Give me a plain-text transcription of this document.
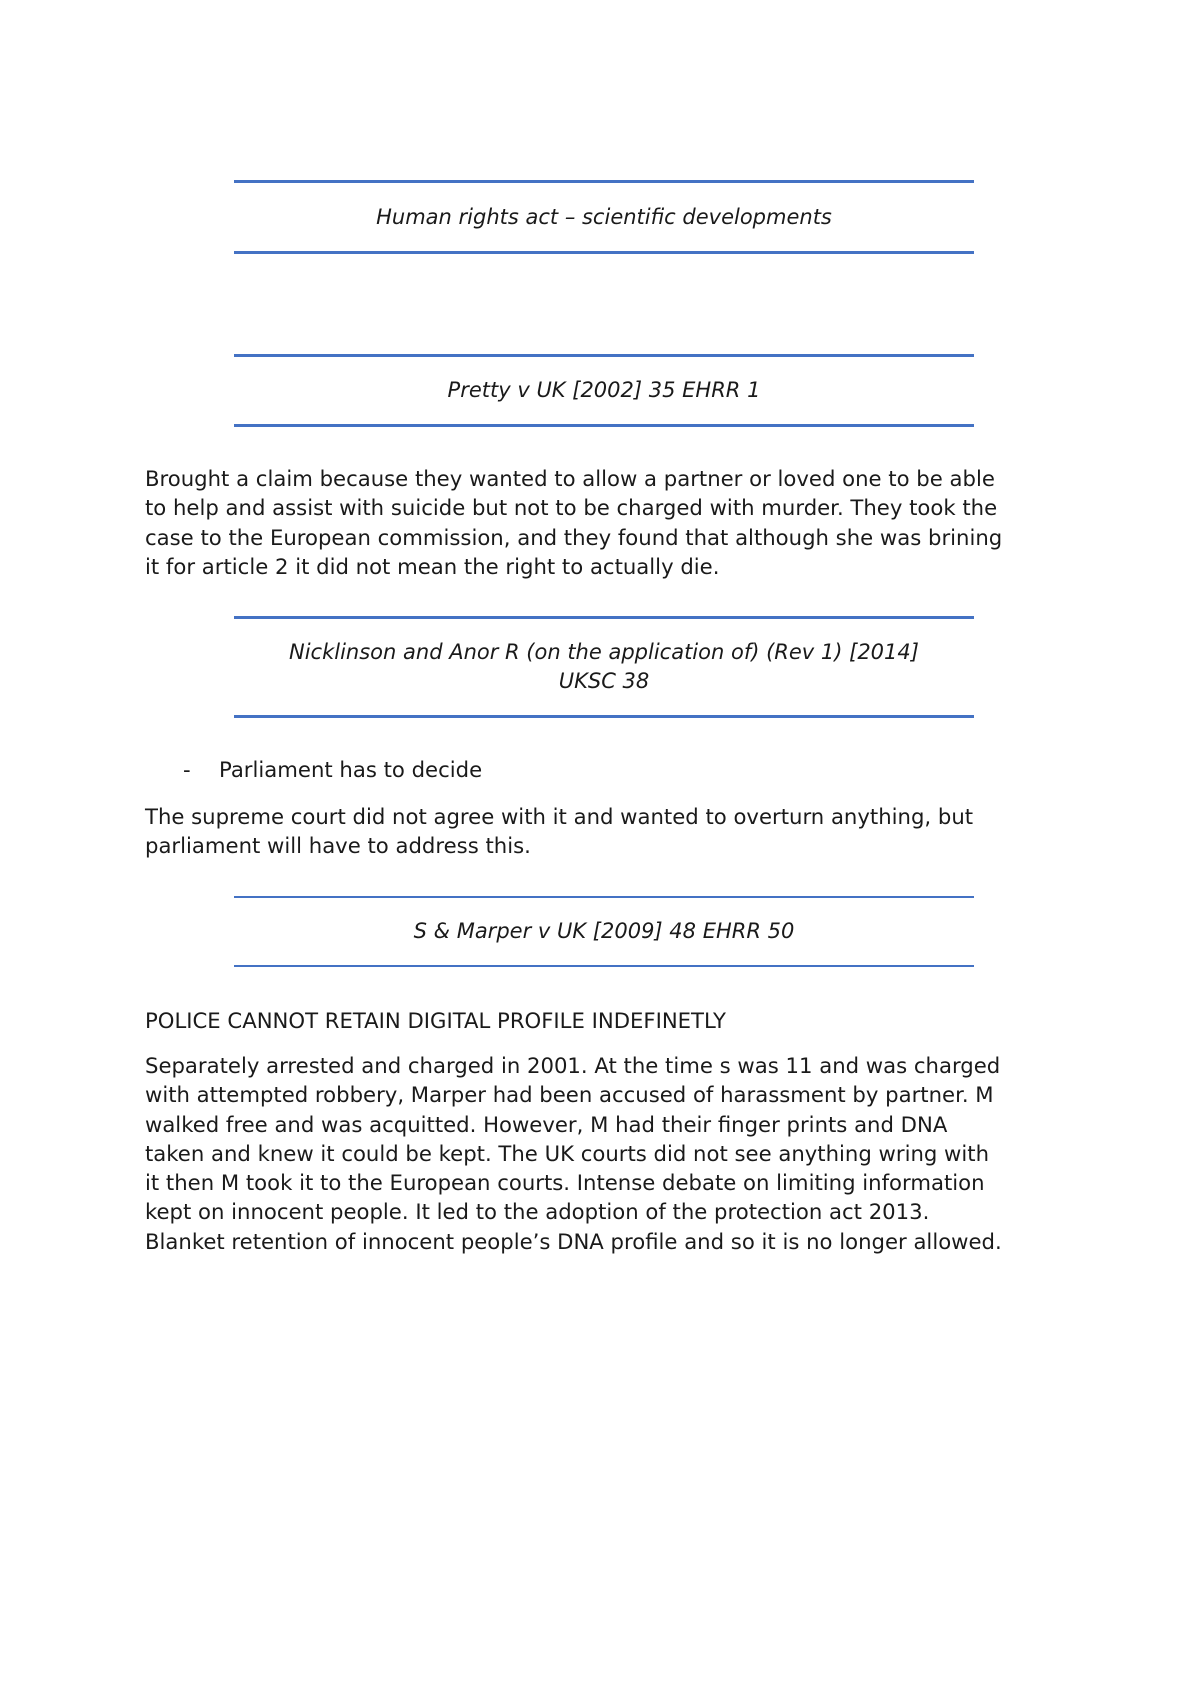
Human rights act – scientific developments
Pretty v UK [2002] 35 EHRR 1

Brought a claim because they wanted to allow a partner or loved one to be able
to help and assist with suicide but not to be charged with murder. They took the
case to the European commission, and they found that although she was brining
it for article 2 it did not mean the right to actually die.

Nicklinson and Anor R (on the application of) (Rev 1) [2014]
UKSC 38
-	Parliament has to decide

The supreme court did not agree with it and wanted to overturn anything, but
parliament will have to address this.

S & Marper v UK [2009] 48 EHRR 50

POLICE CANNOT RETAIN DIGITAL PROFILE INDEFINETLY

Separately arrested and charged in 2001. At the time s was 11 and was charged
with attempted robbery, Marper had been accused of harassment by partner. M
walked free and was acquitted. However, M had their finger prints and DNA
taken and knew it could be kept. The UK courts did not see anything wring with
it then M took it to the European courts. Intense debate on limiting information
kept on innocent people. It led to the adoption of the protection act 2013.
Blanket retention of innocent people’s DNA profile and so it is no longer allowed.
